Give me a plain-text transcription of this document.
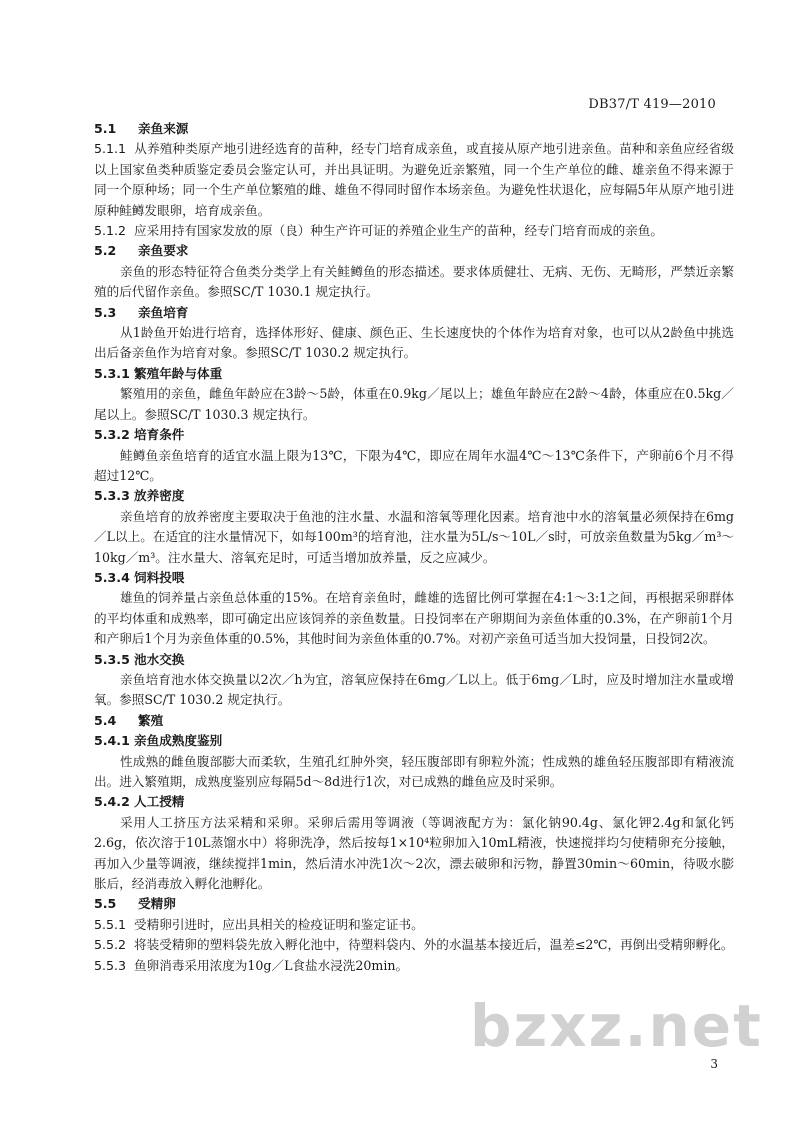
DB37/T 419—2010
5.1 亲鱼来源
5.1.1 从养殖种类原产地引进经选育的苗种，经专门培育成亲鱼，或直接从原产地引进亲鱼。苗种和亲鱼应经省级以上国家鱼类种质鉴定委员会鉴定认可，并出具证明。为避免近亲繁殖，同一个生产单位的雌、雄亲鱼不得来源于同一个原种场；同一个生产单位繁殖的雌、雄鱼不得同时留作本场亲鱼。为避免性状退化，应每隔5年从原产地引进原种鲑鳟发眼卵，培育成亲鱼。
5.1.2 应采用持有国家发放的原（良）种生产许可证的养殖企业生产的苗种，经专门培育而成的亲鱼。
5.2 亲鱼要求
亲鱼的形态特征符合鱼类分类学上有关鲑鳟鱼的形态描述。要求体质健壮、无病、无伤、无畸形，严禁近亲繁殖的后代留作亲鱼。参照SC/T 1030.1 规定执行。
5.3 亲鱼培育
从1龄鱼开始进行培育，选择体形好、健康、颜色正、生长速度快的个体作为培育对象，也可以从2龄鱼中挑选出后备亲鱼作为培育对象。参照SC/T 1030.2 规定执行。
5.3.1 繁殖年龄与体重
繁殖用的亲鱼，雌鱼年龄应在3龄～5龄，体重在0.9kg／尾以上；雄鱼年龄应在2龄～4龄，体重应在0.5kg／尾以上。参照SC/T 1030.3 规定执行。
5.3.2 培育条件
鲑鳟鱼亲鱼培育的适宜水温上限为13℃，下限为4℃，即应在周年水温4℃～13℃条件下，产卵前6个月不得超过12℃。
5.3.3 放养密度
亲鱼培育的放养密度主要取决于鱼池的注水量、水温和溶氧等理化因素。培育池中水的溶氧量必须保持在6mg／L以上。在适宜的注水量情况下，如每100m³的培育池，注水量为5L/s～10L／s时，可放亲鱼数量为5kg／m³～10kg／m³。注水量大、溶氧充足时，可适当增加放养量，反之应减少。
5.3.4 饲料投喂
雄鱼的饲养量占亲鱼总体重的15%。在培育亲鱼时，雌雄的选留比例可掌握在4:1～3:1之间，再根据采卵群体的平均体重和成熟率，即可确定出应该饲养的亲鱼数量。日投饲率在产卵期间为亲鱼体重的0.3%，在产卵前1个月和产卵后1个月为亲鱼体重的0.5%，其他时间为亲鱼体重的0.7%。对初产亲鱼可适当加大投饲量，日投饲2次。
5.3.5 池水交换
亲鱼培育池水体交换量以2次／h为宜，溶氧应保持在6mg／L以上。低于6mg／L时，应及时增加注水量或增氧。参照SC/T 1030.2 规定执行。
5.4 繁殖
5.4.1 亲鱼成熟度鉴别
性成熟的雌鱼腹部膨大而柔软，生殖孔红肿外突，轻压腹部即有卵粒外流；性成熟的雄鱼轻压腹部即有精液流出。进入繁殖期，成熟度鉴别应每隔5d～8d进行1次，对已成熟的雌鱼应及时采卵。
5.4.2 人工授精
采用人工挤压方法采精和采卵。采卵后需用等调液（等调液配方为：氯化钠90.4g、氯化钾2.4g和氯化钙2.6g，依次溶于10L蒸馏水中）将卵洗净，然后按每1×10⁴粒卵加入10mL精液，快速搅拌均匀使精卵充分接触，再加入少量等调液，继续搅拌1min，然后清水冲洗1次～2次，漂去破卵和污物，静置30min～60min，待吸水膨胀后，经消毒放入孵化池孵化。
5.5 受精卵
5.5.1 受精卵引进时，应出具相关的检疫证明和鉴定证书。
5.5.2 将装受精卵的塑料袋先放入孵化池中，待塑料袋内、外的水温基本接近后，温差≤2℃，再倒出受精卵孵化。
5.5.3 鱼卵消毒采用浓度为10g／L食盐水浸洗20min。
bzxz.net
3
